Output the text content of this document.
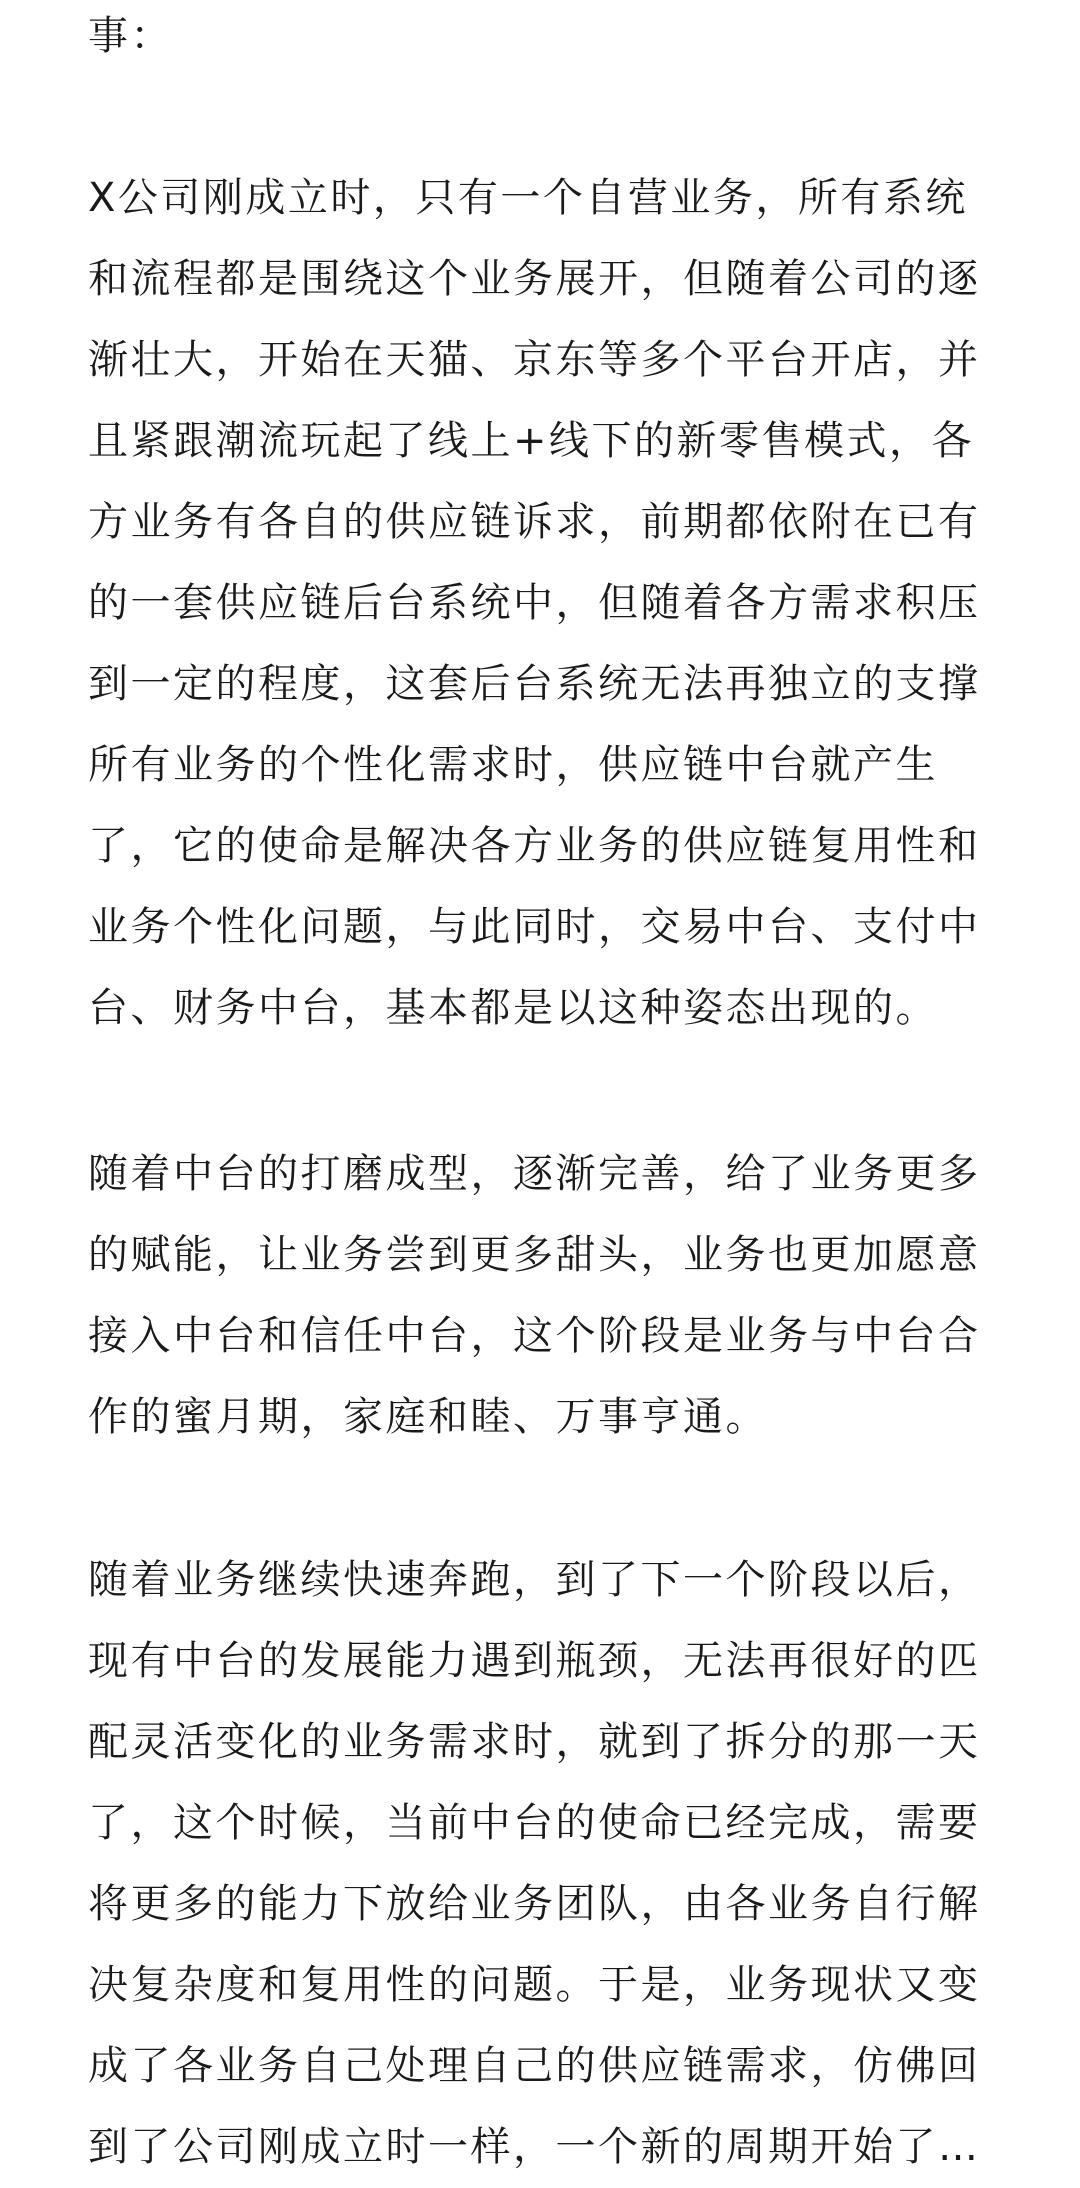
事：
X公司刚成立时，只有一个自营业务，所有系统
和流程都是围绕这个业务展开，但随着公司的逐
渐壮大，开始在天猫、京东等多个平台开店，并
且紧跟潮流玩起了线上+线下的新零售模式，各
方业务有各自的供应链诉求，前期都依附在已有
的一套供应链后台系统中，但随着各方需求积压
到一定的程度，这套后台系统无法再独立的支撑
所有业务的个性化需求时，供应链中台就产生
了，它的使命是解决各方业务的供应链复用性和
业务个性化问题，与此同时，交易中台、支付中
台、财务中台，基本都是以这种姿态出现的。
随着中台的打磨成型，逐渐完善，给了业务更多
的赋能，让业务尝到更多甜头，业务也更加愿意
接入中台和信任中台，这个阶段是业务与中台合
作的蜜月期，家庭和睦、万事亨通。
随着业务继续快速奔跑，到了下一个阶段以后，
现有中台的发展能力遇到瓶颈，无法再很好的匹
配灵活变化的业务需求时，就到了拆分的那一天
了，这个时候，当前中台的使命已经完成，需要
将更多的能力下放给业务团队，由各业务自行解
决复杂度和复用性的问题。于是，业务现状又变
成了各业务自己处理自己的供应链需求，仿佛回
到了公司刚成立时一样，一个新的周期开始了…
